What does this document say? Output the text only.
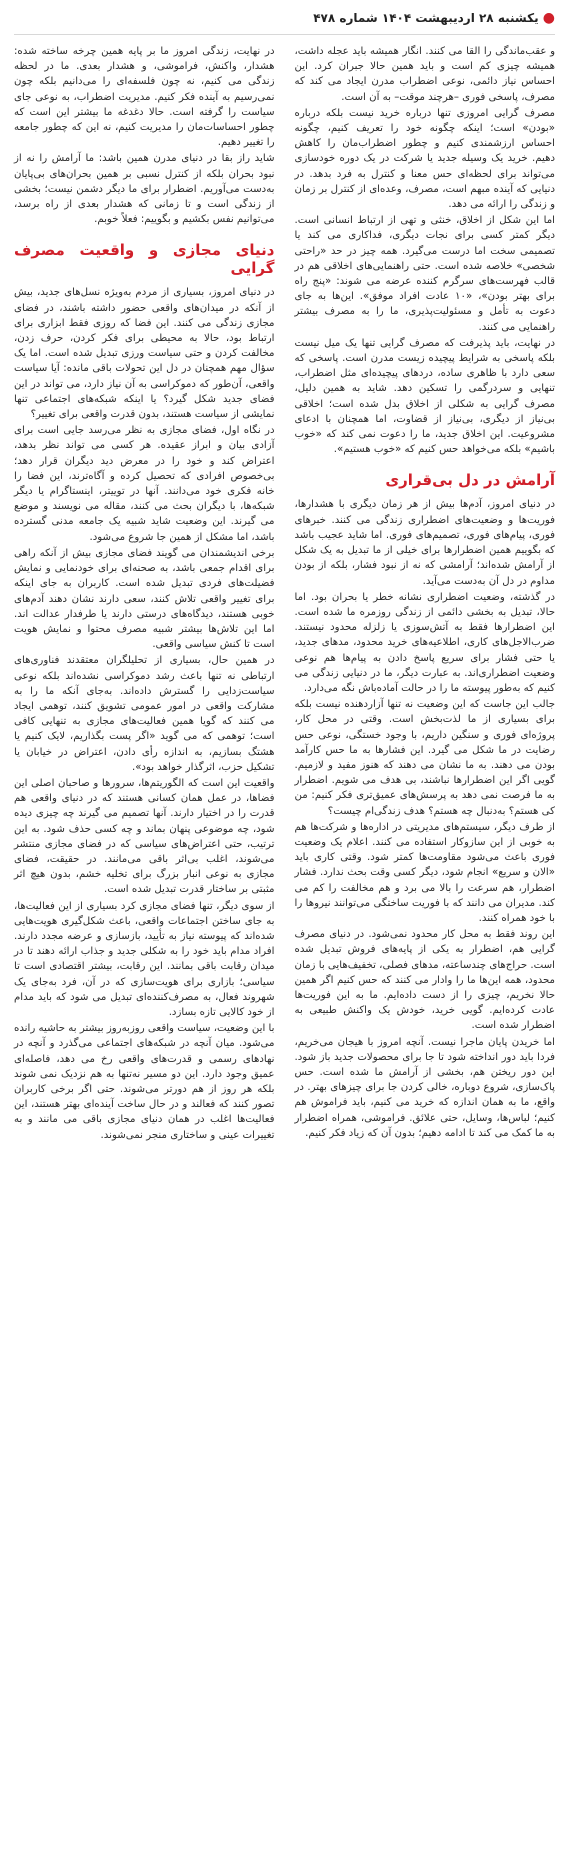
● یکشنبه ۲۸ اردیبهشت ۱۴۰۴ شماره ۴۷۸

و عقب‌ماندگی را القا می کنند. انگار همیشه باید عجله داشت، همیشه چیزی کم است و باید همین حالا جبران کرد. این احساس نیاز دائمی، نوعی اضطراب مدرن ایجاد می کند که مصرف، پاسخی فوری –هرچند موقت– به آن است.

مصرف گرایی امروزی تنها درباره خرید نیست بلکه درباره «بودن» است؛ اینکه چگونه خود را تعریف کنیم، چگونه احساس ارزشمندی کنیم و چطور اضطراب‌مان را کاهش دهیم. خرید یک وسیله جدید یا شرکت در یک دوره خودسازی می‌تواند برای لحظه‌ای حس معنا و کنترل به فرد بدهد. در دنیایی که آینده مبهم است، مصرف، وعده‌ای از کنترل بر زمان و زندگی را ارائه می دهد.

اما این شکل از اخلاق، خنثی و تهی از ارتباط انسانی است. دیگر کمتر کسی برای نجات دیگری، فداکاری می کند یا تصمیمی سخت اما درست می‌گیرد. همه چیز در حد «راحتی شخصی» خلاصه شده است. حتی راهنمایی‌های اخلاقی هم در قالب فهرست‌های سرگرم کننده عرضه می شوند: «پنج راه برای بهتر بودن»، «۱۰ عادت افراد موفق». این‌ها به جای دعوت به تأمل و مسئولیت‌پذیری، ما را به مصرف بیشتر راهنمایی می کنند.

در نهایت، باید پذیرفت که مصرف گرایی تنها یک میل نیست بلکه پاسخی به شرایط پیچیده زیست مدرن است. پاسخی که سعی دارد با ظاهری ساده، دردهای پیچیده‌ای مثل اضطراب، تنهایی و سردرگمی را تسکین دهد. شاید به همین دلیل، مصرف گرایی به شکلی از اخلاق بدل شده است؛ اخلاقی بی‌نیاز از دیگری، بی‌نیاز از قضاوت، اما همچنان با ادعای مشروعیت. این اخلاق جدید، ما را دعوت نمی کند که «خوب باشیم» بلکه می‌خواهد حس کنیم که «خوب هستیم».

آرامش در دل بی‌قراری

در دنیای امروز، آدم‌ها بیش از هر زمان دیگری با هشدارها، فوریت‌ها و وضعیت‌های اضطراری زندگی می کنند. خبرهای فوری، پیام‌های فوری، تصمیم‌های فوری. اما شاید عجیب باشد که بگوییم همین اضطرارها برای خیلی از ما تبدیل به یک شکل از آرامش شده‌اند؛ آرامشی که نه از نبود فشار، بلکه از بودن مداوم در دل آن به‌دست می‌آید.

در گذشته، وضعیت اضطراری نشانه خطر یا بحران بود. اما حالا، تبدیل به بخشی دائمی از زندگی روزمره ما شده است. این اضطرارها فقط به آتش‌سوزی یا زلزله محدود نیستند. ضرب‌الاجل‌های کاری، اطلاعیه‌های خرید محدود، مدهای جدید، یا حتی فشار برای سریع پاسخ دادن به پیام‌ها هم نوعی وضعیت اضطراری‌اند. به عبارت دیگر، ما در دنیایی زندگی می کنیم که به‌طور پیوسته ما را در حالت آماده‌باش نگه می‌دارد.

جالب این جاست که این وضعیت نه تنها آزاردهنده نیست بلکه برای بسیاری از ما لذت‌بخش است. وقتی در محل کار، پروژه‌ای فوری و سنگین داریم، با وجود خستگی، نوعی حس رضایت در ما شکل می گیرد. این فشارها به ما حس کارآمد بودن می دهند. به ما نشان می دهند که هنوز مفید و لازمیم. گویی اگر این اضطرارها نباشند، بی هدف می شویم. اضطرار به ما فرصت نمی دهد به پرسش‌های عمیق‌تری فکر کنیم: من کی هستم؟ به‌دنبال چه هستم؟ هدف زندگی‌ام چیست؟

از طرف دیگر، سیستم‌های مدیریتی در اداره‌ها و شرکت‌ها هم به خوبی از این سازوکار استفاده می کنند. اعلام یک وضعیت فوری باعث می‌شود مقاومت‌ها کمتر شود. وقتی کاری باید «الان و سریع» انجام شود، دیگر کسی وقت بحث ندارد. فشار اضطرار، هم سرعت را بالا می برد و هم مخالفت را کم می کند. مدیران می دانند که با فوریت ساختگی می‌توانند نیروها را با خود همراه کنند.

این روند فقط به محل کار محدود نمی‌شود. در دنیای مصرف گرایی هم، اضطرار به یکی از پایه‌های فروش تبدیل شده است. حراج‌های چندساعته، مدهای فصلی، تخفیف‌هایی با زمان محدود، همه این‌ها ما را وادار می کنند که حس کنیم اگر همین حالا نخریم، چیزی را از دست داده‌ایم. ما به این فوریت‌ها عادت کرده‌ایم. گویی خرید، خودش یک واکنش طبیعی به اضطرار شده است.

اما خریدن پایان ماجرا نیست. آنچه امروز با هیجان می‌خریم، فردا باید دور انداخته شود تا جا برای محصولات جدید باز شود. این دور ریختن هم، بخشی از آرامش ما شده است. حس پاک‌سازی، شروع دوباره، خالی کردن جا برای چیزهای بهتر. در واقع، ما به همان اندازه که خرید می کنیم، باید فراموش هم کنیم؛ لباس‌ها، وسایل، حتی علائق. فراموشی، همراه اضطرار به ما کمک می کند تا ادامه دهیم؛ بدون آن که زیاد فکر کنیم.

در نهایت، زندگی امروز ما بر پایه همین چرخه ساخته شده: هشدار، واکنش، فراموشی، و هشدار بعدی. ما در لحظه زندگی می کنیم، نه چون فلسفه‌ای را می‌دانیم بلکه چون نمی‌رسیم به آینده فکر کنیم. مدیریت اضطراب، به نوعی جای سیاست را گرفته است. حالا دغدغه ما بیشتر این است که چطور احساسات‌مان را مدیریت کنیم، نه این که چطور جامعه را تغییر دهیم.

شاید راز بقا در دنیای مدرن همین باشد: ما آرامش را نه از نبود بحران بلکه از کنترل نسبی بر همین بحران‌های بی‌پایان به‌دست می‌آوریم. اضطرار برای ما دیگر دشمن نیست؛ بخشی از زندگی است و تا زمانی که هشدار بعدی از راه برسد، می‌توانیم نفس بکشیم و بگوییم: فعلاً خوبم.

دنیای مجازی و واقعیت مصرف گرایی

در دنیای امروز، بسیاری از مردم به‌ویژه نسل‌های جدید، بیش از آنکه در میدان‌های واقعی حضور داشته باشند، در فضای مجازی زندگی می کنند. این فضا که روزی فقط ابزاری برای ارتباط بود، حالا به محیطی برای فکر کردن، حرف زدن، مخالفت کردن و حتی سیاست ورزی تبدیل شده است. اما یک سؤال مهم همچنان در دل این تحولات باقی مانده: آیا سیاست واقعی، آن‌طور که دموکراسی به آن نیاز دارد، می تواند در این فضای جدید شکل گیرد؟ یا اینکه شبکه‌های اجتماعی تنها نمایشی از سیاست هستند، بدون قدرت واقعی برای تغییر؟

در نگاه اول، فضای مجازی به نظر می‌رسد جایی است برای آزادی بیان و ابراز عقیده. هر کسی می تواند نظر بدهد، اعتراض کند و خود را در معرض دید دیگران قرار دهد؛ بی‌خصوص افرادی که تحصیل کرده و آگاه‌ترند، این فضا را خانه فکری خود می‌دانند. آنها در توییتر، اینستاگرام یا دیگر شبکه‌ها، با دیگران بحث می کنند، مقاله می نویسند و موضع می گیرند. این وضعیت شاید شبیه یک جامعه مدنی گسترده باشد، اما مشکل از همین جا شروع می‌شود.

برخی اندیشمندان می گویند فضای مجازی بیش از آنکه راهی برای اقدام جمعی باشد، به صحنه‌ای برای خودنمایی و نمایش فضیلت‌های فردی تبدیل شده است. کاربران به جای اینکه برای تغییر واقعی تلاش کنند، سعی دارند نشان دهند آدم‌های خوبی هستند، دیدگاه‌های درستی دارند یا طرفدار عدالت اند. اما این تلاش‌ها بیشتر شبیه مصرف محتوا و نمایش هویت است تا کنش سیاسی واقعی.

در همین حال، بسیاری از تحلیلگران معتقدند فناوری‌های ارتباطی نه تنها باعث رشد دموکراسی نشده‌اند بلکه نوعی سیاست‌زدایی را گسترش داده‌اند. به‌جای آنکه ما را به مشارکت واقعی در امور عمومی تشویق کنند، توهمی ایجاد می کنند که گویا همین فعالیت‌های مجازی به تنهایی کافی است؛ توهمی که می گوید «اگر پست بگذاریم، لایک کنیم یا هشتگ بسازیم، به اندازه رأی دادن، اعتراض در خیابان یا تشکیل حزب، اثرگذار خواهد بود».

واقعیت این است که الگوریتم‌ها، سرورها و صاحبان اصلی این فضاها، در عمل همان کسانی هستند که در دنیای واقعی هم قدرت را در اختیار دارند. آنها تصمیم می گیرند چه چیزی دیده شود، چه موضوعی پنهان بماند و چه کسی حذف شود. به این ترتیب، حتی اعتراض‌های سیاسی که در فضای مجازی منتشر می‌شوند، اغلب بی‌اثر باقی می‌مانند. در حقیقت، فضای مجازی به نوعی انبار بزرگ برای تخلیه خشم، بدون هیچ اثر مثبتی بر ساختار قدرت تبدیل شده است.

از سوی دیگر، تنها فضای مجازی کرد بسیاری از این فعالیت‌ها، به جای ساختن اجتماعات واقعی، باعث شکل‌گیری هویت‌هایی شده‌اند که پیوسته نیاز به تأیید، بازسازی و عرضه مجدد دارند. افراد مدام باید خود را به شکلی جدید و جذاب ارائه دهند تا در میدان رقابت باقی بمانند. این رقابت، بیشتر اقتصادی است تا سیاسی؛ بازاری برای هویت‌سازی که در آن، فرد به‌جای یک شهروند فعال، به مصرف‌کننده‌ای تبدیل می شود که باید مدام از خود کالایی تازه بسازد.

با این وضعیت، سیاست واقعی روزبه‌روز بیشتر به حاشیه رانده می‌شود. میان آنچه در شبکه‌های اجتماعی می‌گذرد و آنچه در نهادهای رسمی و قدرت‌های واقعی رخ می دهد، فاصله‌ای عمیق وجود دارد. این دو مسیر نه‌تنها به هم نزدیک نمی شوند بلکه هر روز از هم دورتر می‌شوند. حتی اگر برخی کاربران تصور کنند که فعالند و در حال ساخت آینده‌ای بهتر هستند، این فعالیت‌ها اغلب در همان دنیای مجازی باقی می مانند و به تغییرات عینی و ساختاری منجر نمی‌شوند.
